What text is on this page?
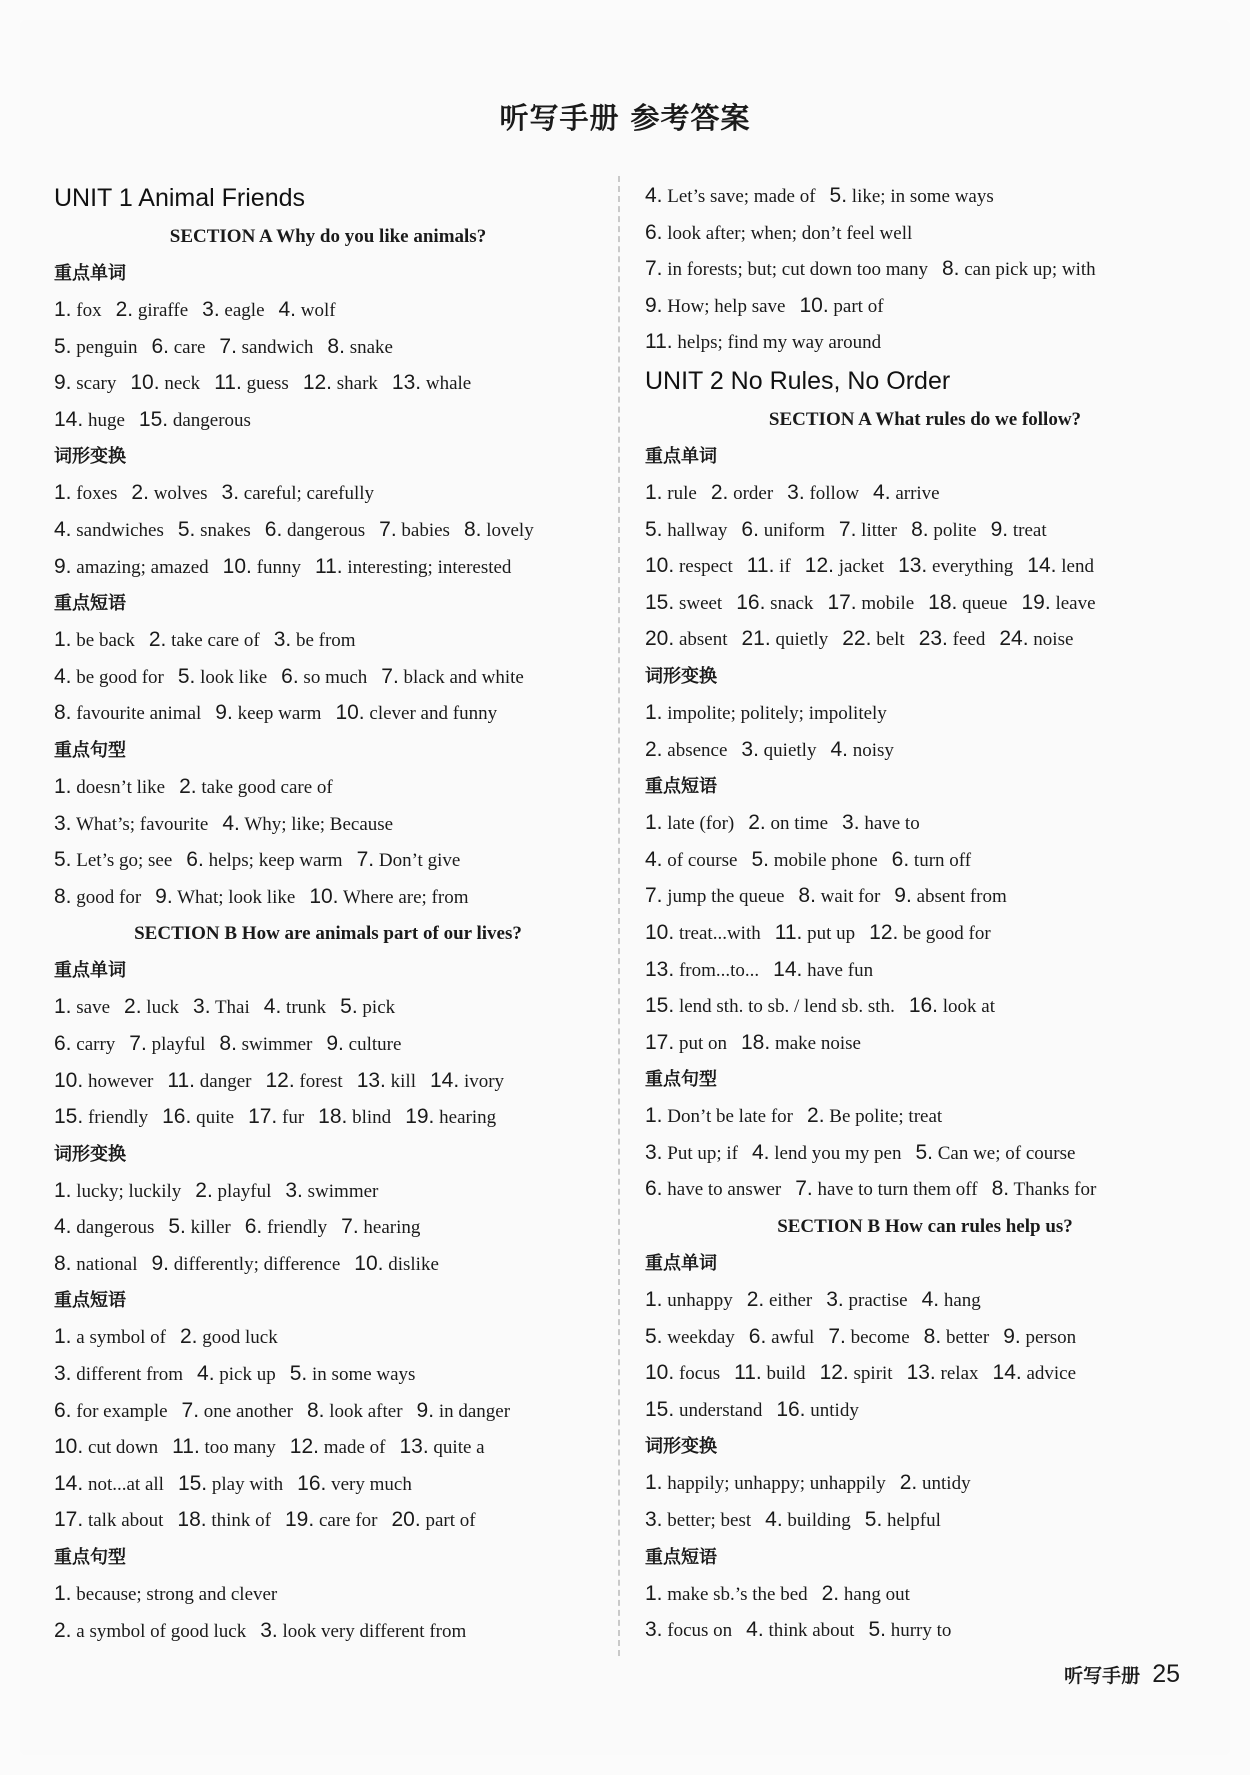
听写手册 参考答案
UNIT 1 Animal Friends
SECTION A Why do you like animals?
重点单词
1. fox 2. giraffe 3. eagle 4. wolf
5. penguin 6. care 7. sandwich 8. snake
9. scary 10. neck 11. guess 12. shark 13. whale
14. huge 15. dangerous
词形变换
1. foxes 2. wolves 3. careful; carefully
4. sandwiches 5. snakes 6. dangerous 7. babies 8. lovely
9. amazing; amazed 10. funny 11. interesting; interested
重点短语
1. be back 2. take care of 3. be from
4. be good for 5. look like 6. so much 7. black and white
8. favourite animal 9. keep warm 10. clever and funny
重点句型
1. doesn’t like 2. take good care of
3. What’s; favourite 4. Why; like; Because
5. Let’s go; see 6. helps; keep warm 7. Don’t give
8. good for 9. What; look like 10. Where are; from
SECTION B How are animals part of our lives?
重点单词
1. save 2. luck 3. Thai 4. trunk 5. pick
6. carry 7. playful 8. swimmer 9. culture
10. however 11. danger 12. forest 13. kill 14. ivory
15. friendly 16. quite 17. fur 18. blind 19. hearing
词形变换
1. lucky; luckily 2. playful 3. swimmer
4. dangerous 5. killer 6. friendly 7. hearing
8. national 9. differently; difference 10. dislike
重点短语
1. a symbol of 2. good luck
3. different from 4. pick up 5. in some ways
6. for example 7. one another 8. look after 9. in danger
10. cut down 11. too many 12. made of 13. quite a
14. not...at all 15. play with 16. very much
17. talk about 18. think of 19. care for 20. part of
重点句型
1. because; strong and clever
2. a symbol of good luck 3. look very different from
4. Let’s save; made of 5. like; in some ways
6. look after; when; don’t feel well
7. in forests; but; cut down too many 8. can pick up; with
9. How; help save 10. part of
11. helps; find my way around
UNIT 2 No Rules, No Order
SECTION A What rules do we follow?
重点单词
1. rule 2. order 3. follow 4. arrive
5. hallway 6. uniform 7. litter 8. polite 9. treat
10. respect 11. if 12. jacket 13. everything 14. lend
15. sweet 16. snack 17. mobile 18. queue 19. leave
20. absent 21. quietly 22. belt 23. feed 24. noise
词形变换
1. impolite; politely; impolitely
2. absence 3. quietly 4. noisy
重点短语
1. late (for) 2. on time 3. have to
4. of course 5. mobile phone 6. turn off
7. jump the queue 8. wait for 9. absent from
10. treat...with 11. put up 12. be good for
13. from...to... 14. have fun
15. lend sth. to sb. / lend sb. sth. 16. look at
17. put on 18. make noise
重点句型
1. Don’t be late for 2. Be polite; treat
3. Put up; if 4. lend you my pen 5. Can we; of course
6. have to answer 7. have to turn them off 8. Thanks for
SECTION B How can rules help us?
重点单词
1. unhappy 2. either 3. practise 4. hang
5. weekday 6. awful 7. become 8. better 9. person
10. focus 11. build 12. spirit 13. relax 14. advice
15. understand 16. untidy
词形变换
1. happily; unhappy; unhappily 2. untidy
3. better; best 4. building 5. helpful
重点短语
1. make sb.’s the bed 2. hang out
3. focus on 4. think about 5. hurry to
听写手册 25
